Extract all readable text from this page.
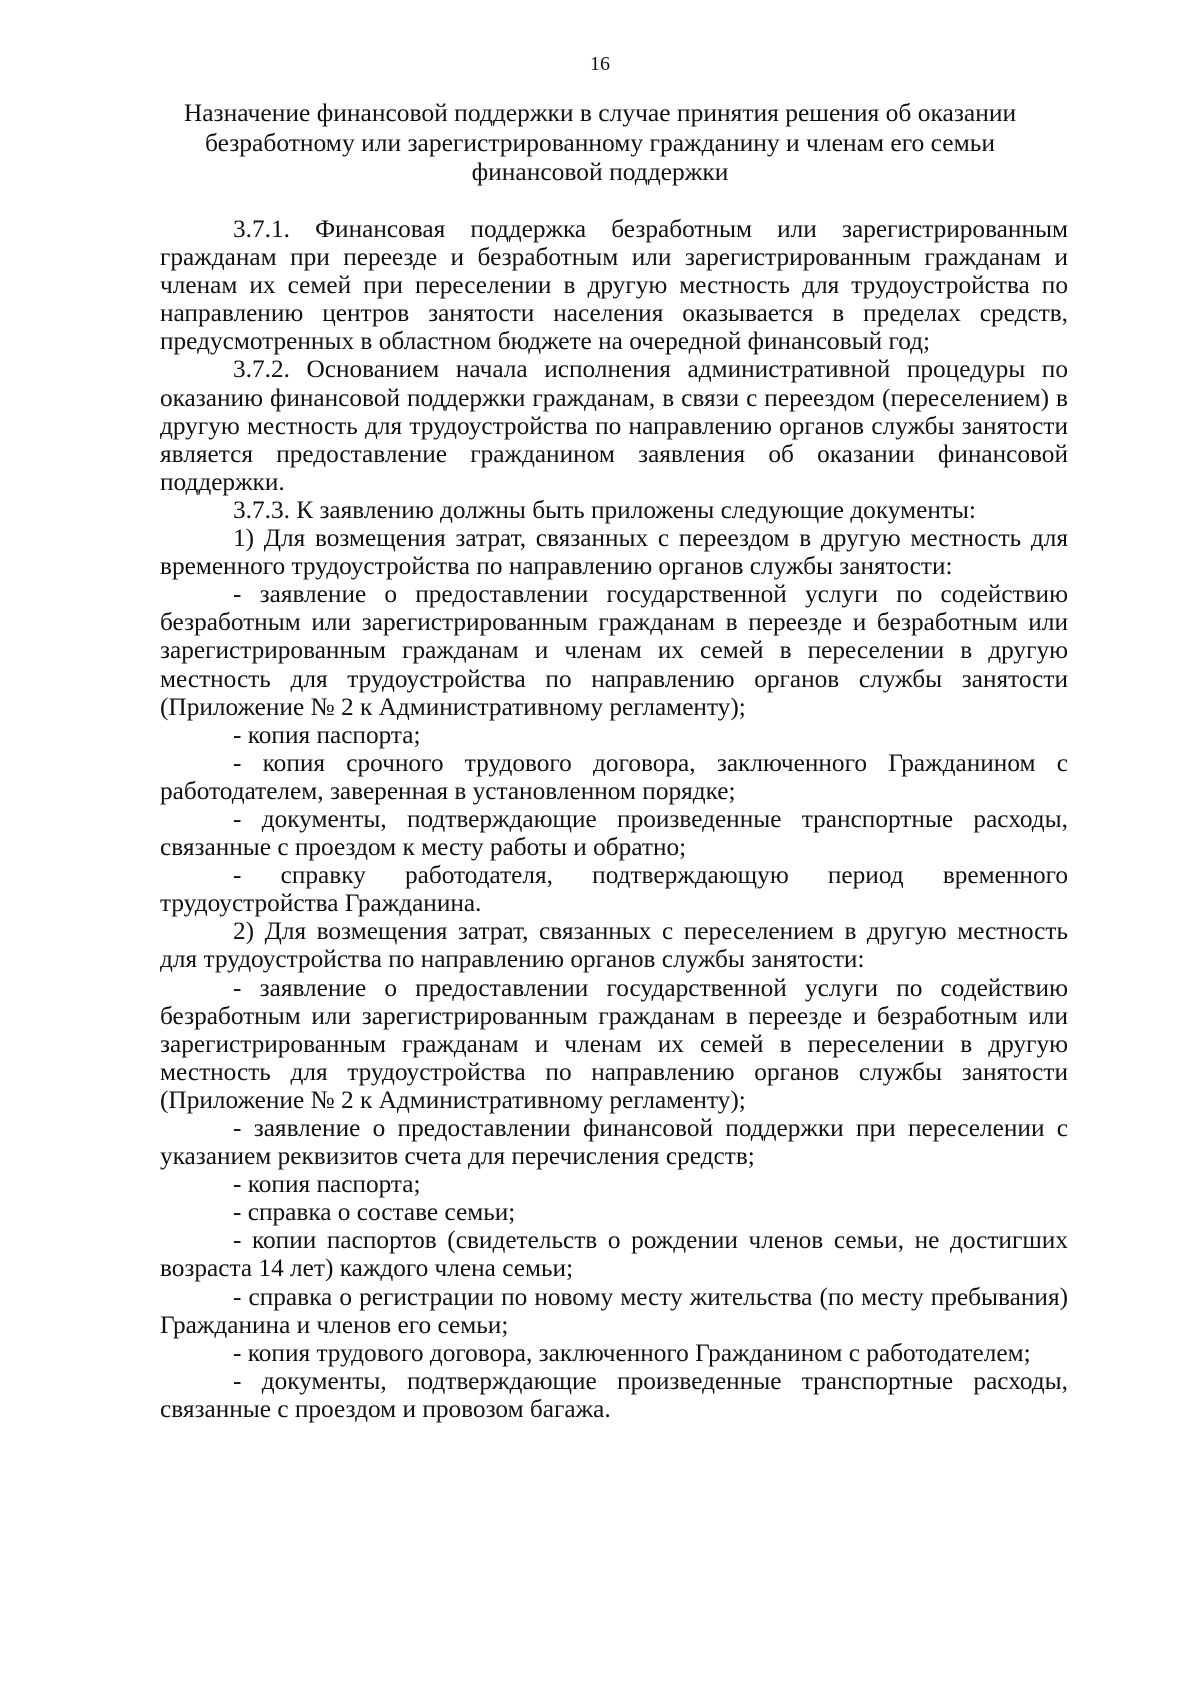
16
Назначение финансовой поддержки в случае принятия решения об оказании безработному или зарегистрированному гражданину и членам его семьи финансовой поддержки

3.7.1. Финансовая поддержка безработным или зарегистрированным гражданам при переезде и безработным или зарегистрированным гражданам и членам их семей при переселении в другую местность для трудоустройства по направлению центров занятости населения оказывается в пределах средств, предусмотренных в областном бюджете на очередной финансовый год;

3.7.2. Основанием начала исполнения административной процедуры по оказанию финансовой поддержки гражданам, в связи с переездом (переселением) в другую местность для трудоустройства по направлению органов службы занятости является предоставление гражданином заявления об оказании финансовой поддержки.

3.7.3. К заявлению должны быть приложены следующие документы:

1) Для возмещения затрат, связанных с переездом в другую местность для временного трудоустройства по направлению органов службы занятости:

- заявление о предоставлении государственной услуги по содействию безработным или зарегистрированным гражданам в переезде и безработным или зарегистрированным гражданам и членам их семей в переселении в другую местность для трудоустройства по направлению органов службы занятости (Приложение № 2 к Административному регламенту);

- копия паспорта;

- копия срочного трудового договора, заключенного Гражданином с работодателем, заверенная в установленном порядке;

- документы, подтверждающие произведенные транспортные расходы, связанные с проездом к месту работы и обратно;

- справку работодателя, подтверждающую период временного трудоустройства Гражданина.

2) Для возмещения затрат, связанных с переселением в другую местность для трудоустройства по направлению органов службы занятости:

- заявление о предоставлении государственной услуги по содействию безработным или зарегистрированным гражданам в переезде и безработным или зарегистрированным гражданам и членам их семей в переселении в другую местность для трудоустройства по направлению органов службы занятости (Приложение № 2 к Административному регламенту);

- заявление о предоставлении финансовой поддержки при переселении с указанием реквизитов счета для перечисления средств;

- копия паспорта;

- справка о составе семьи;

- копии паспортов (свидетельств о рождении членов семьи, не достигших возраста 14 лет) каждого члена семьи;

- справка о регистрации по новому месту жительства (по месту пребывания) Гражданина и членов его семьи;

- копия трудового договора, заключенного Гражданином с работодателем;

- документы, подтверждающие произведенные транспортные расходы, связанные с проездом и провозом багажа.
